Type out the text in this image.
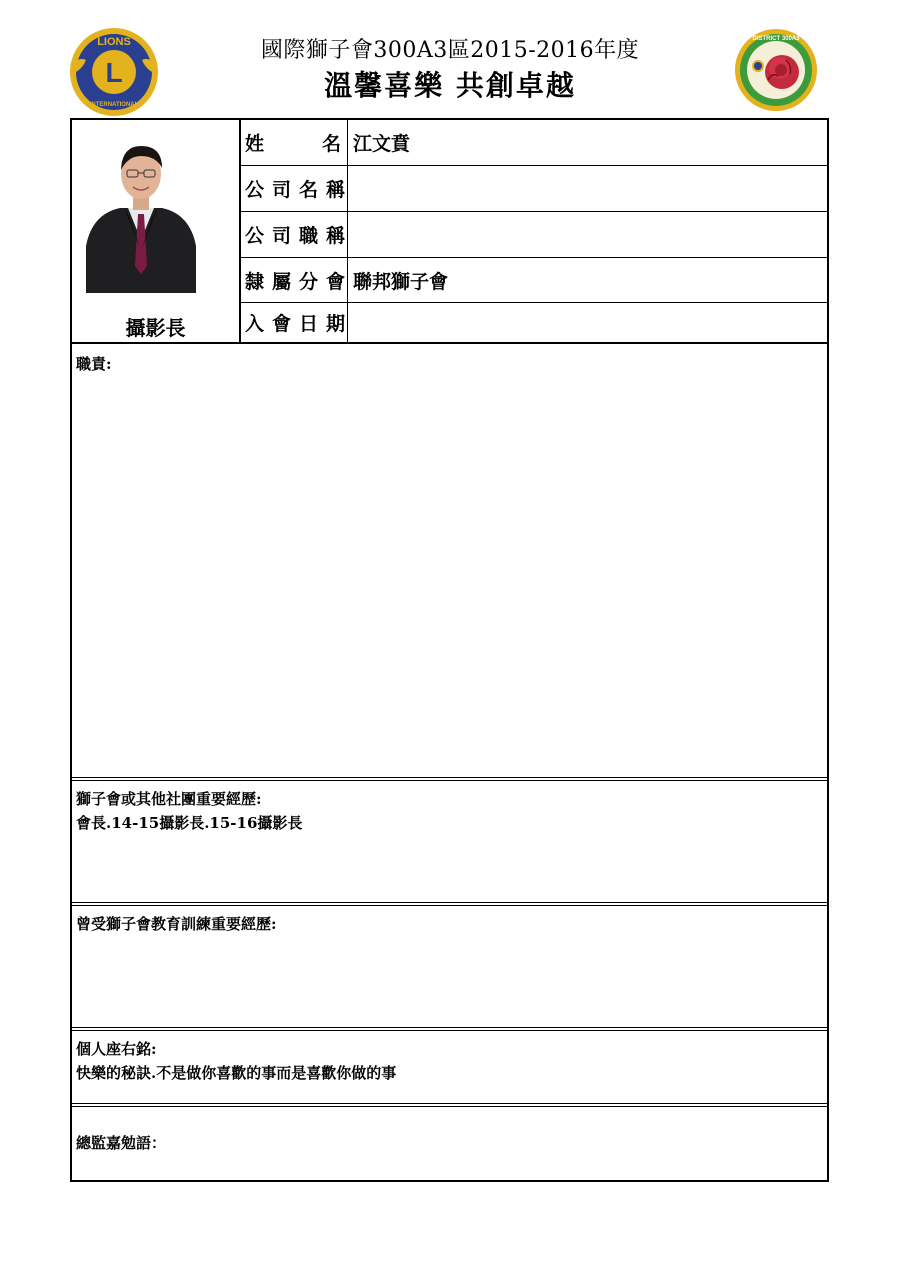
L
LIONS
INTERNATIONAL
國際獅子會300A3區2015-2016年度
溫馨喜樂 共創卓越
DISTRICT 300A3
攝影長
姓	名 江文賁
公司名稱
公司職稱
隸屬分會 聯邦獅子會
入會日期
職責:
獅子會或其他社團重要經歷:
會長.14-15攝影長.15-16攝影長
曾受獅子會教育訓練重要經歷:
個人座右銘:
快樂的秘訣.不是做你喜歡的事而是喜歡你做的事
總監嘉勉語：
